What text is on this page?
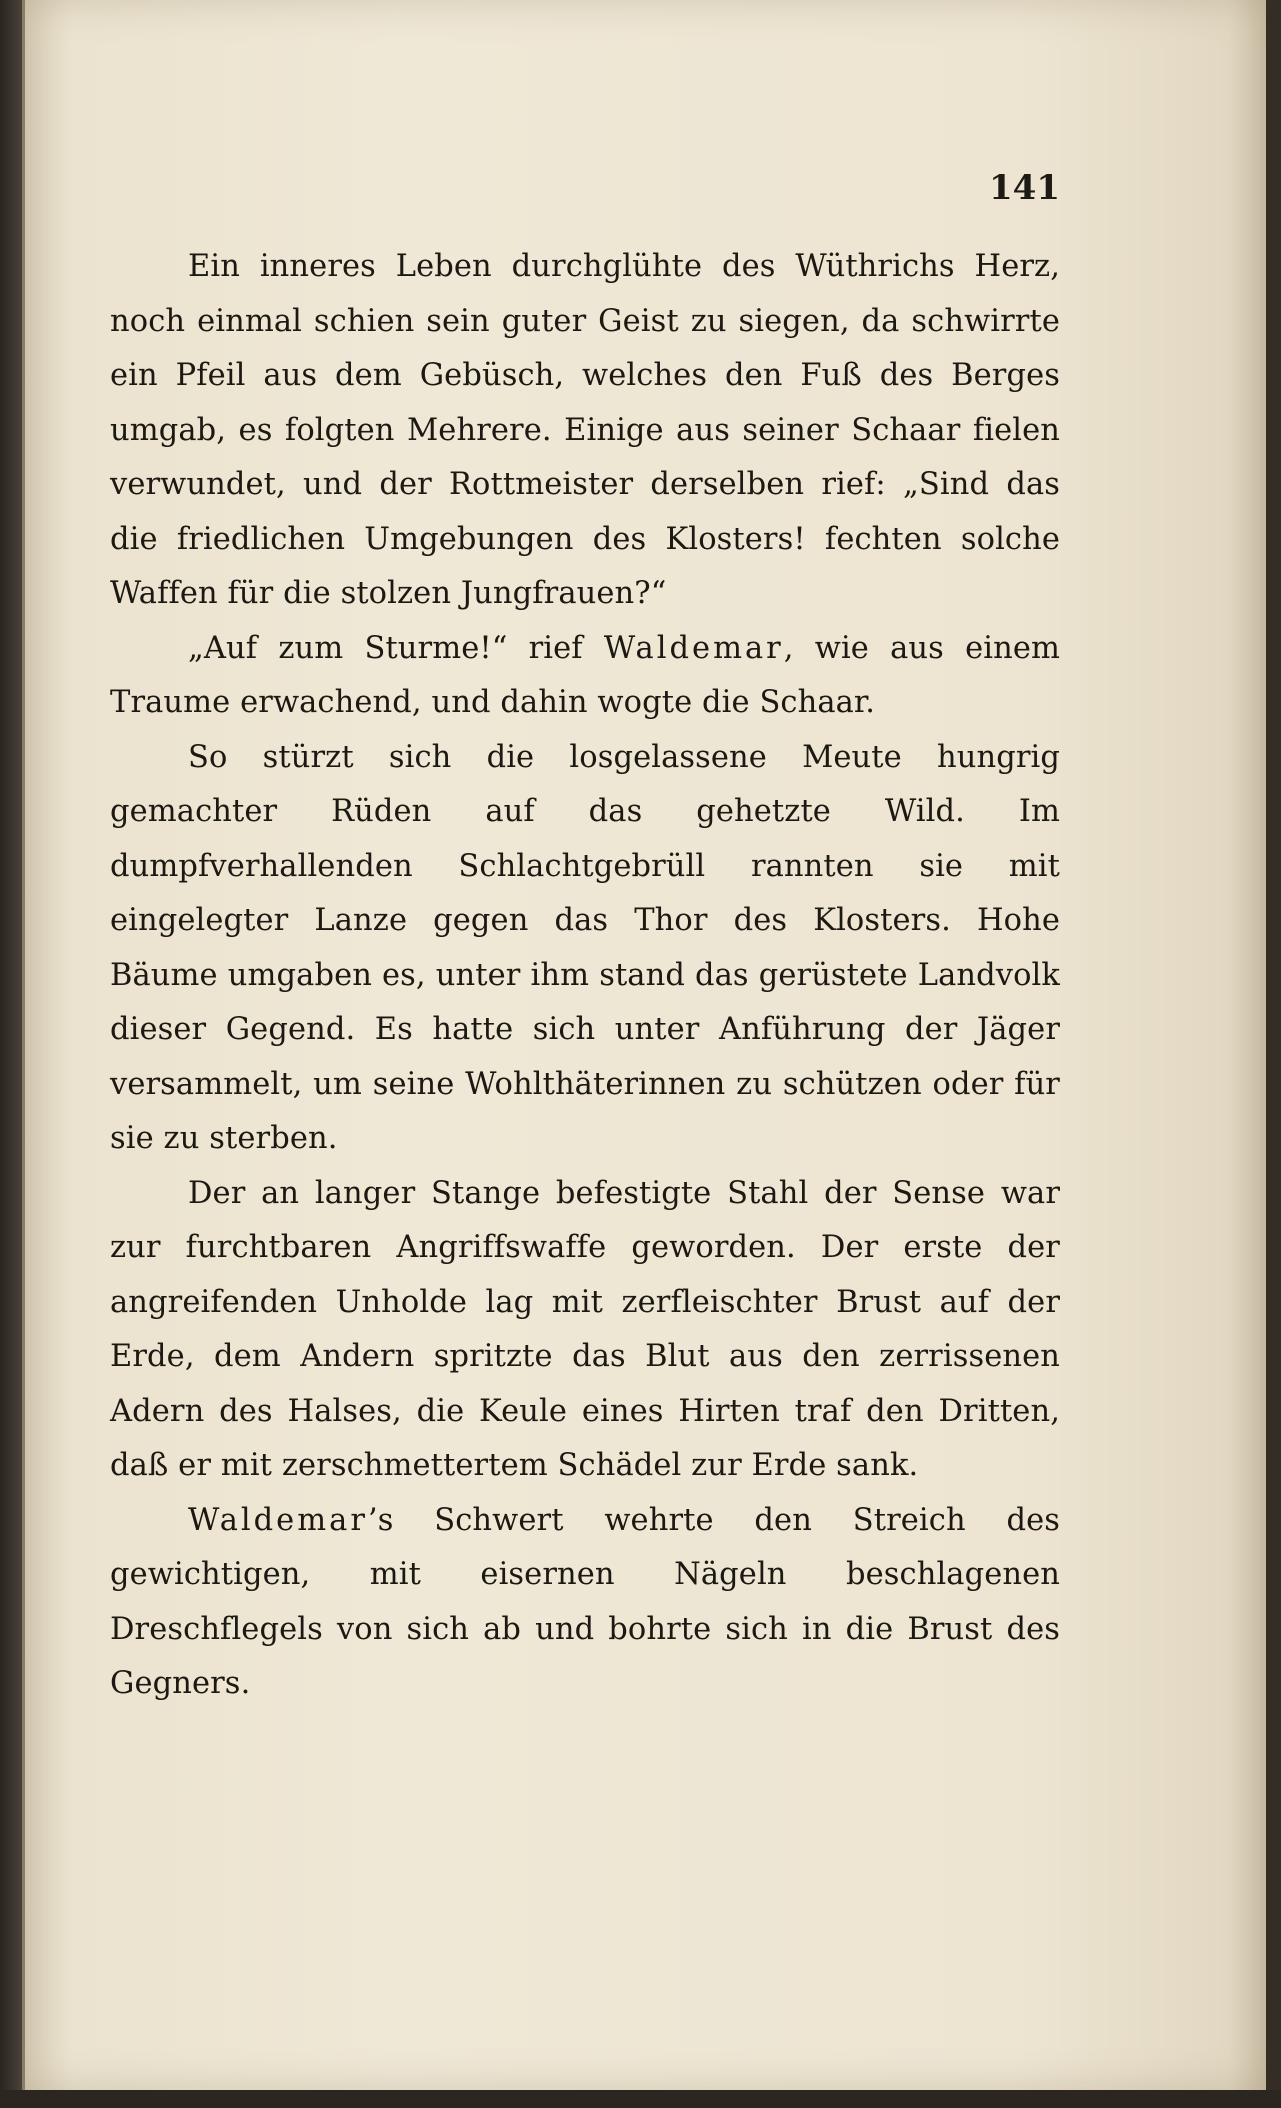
141

Ein inneres Leben durchglühte des Wüthrichs Herz, noch einmal schien sein guter Geist zu siegen, da schwirrte ein Pfeil aus dem Gebüsch, welches den Fuß des Berges umgab, es folgten Mehrere. Einige aus seiner Schaar fielen verwundet, und der Rottmeister derselben rief: „Sind das die friedlichen Umgebungen des Klosters! fechten solche Waffen für die stolzen Jungfrauen?“

„Auf zum Sturme!“ rief Waldemar, wie aus einem Traume erwachend, und dahin wogte die Schaar.

So stürzt sich die losgelassene Meute hungrig gemachter Rüden auf das gehetzte Wild. Im dumpfverhallenden Schlachtgebrüll rannten sie mit eingelegter Lanze gegen das Thor des Klosters. Hohe Bäume umgaben es, unter ihm stand das gerüstete Landvolk dieser Gegend. Es hatte sich unter Anführung der Jäger versammelt, um seine Wohlthäterinnen zu schützen oder für sie zu sterben.

Der an langer Stange befestigte Stahl der Sense war zur furchtbaren Angriffswaffe geworden. Der erste der angreifenden Unholde lag mit zerfleischter Brust auf der Erde, dem Andern spritzte das Blut aus den zerrissenen Adern des Halses, die Keule eines Hirten traf den Dritten, daß er mit zerschmettertem Schädel zur Erde sank.

Waldemar’s Schwert wehrte den Streich des gewichtigen, mit eisernen Nägeln beschlagenen Dreschflegels von sich ab und bohrte sich in die Brust des Gegners.
